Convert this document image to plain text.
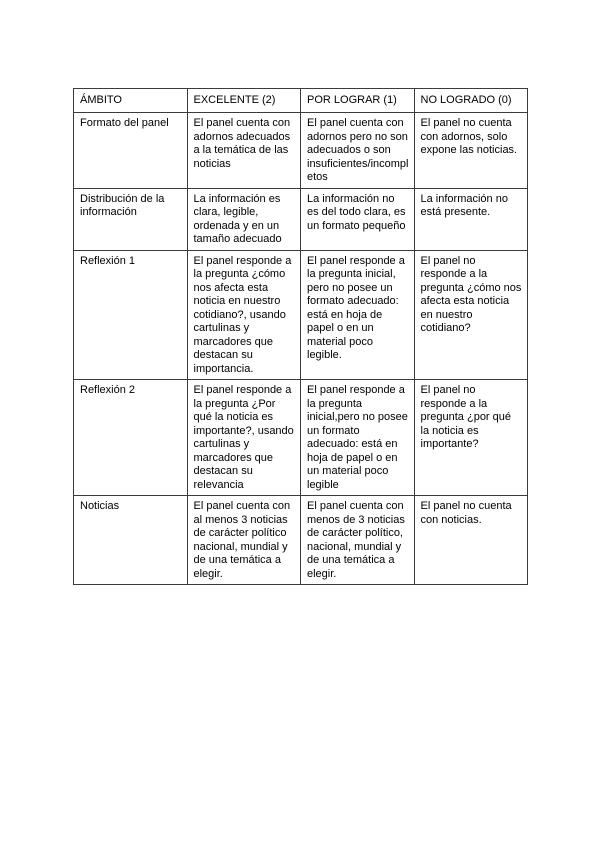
ÁMBITO	EXCELENTE (2)	POR LOGRAR (1)	NO LOGRADO (0)
Formato del panel	El panel cuenta con adornos adecuados a la temática de las noticias	El panel cuenta con adornos pero no son adecuados o son insuficientes/incompletos	El panel no cuenta con adornos, solo expone las noticias.
Distribución de la información	La información es clara, legible, ordenada y en un tamaño adecuado	La información no es del todo clara, es un formato pequeño	La información no está presente.
Reflexión 1	El panel responde a la pregunta ¿cómo nos afecta esta noticia en nuestro cotidiano?, usando cartulinas y marcadores que destacan su importancia.	El panel responde a la pregunta inicial, pero no posee un formato adecuado: está en hoja de papel o en un material poco legible.	El panel no responde a la pregunta ¿cómo nos afecta esta noticia en nuestro cotidiano?
Reflexión 2	El panel responde a la pregunta ¿Por qué la noticia es importante?, usando cartulinas y marcadores que destacan su relevancia	El panel responde a la pregunta inicial,pero no posee un formato adecuado: está en hoja de papel o en un material poco legible	El panel no responde a la pregunta ¿por qué la noticia es importante?
Noticias	El panel cuenta con al menos 3 noticias de carácter político nacional, mundial y de una temática a elegir.	El panel cuenta con menos de 3 noticias de carácter político, nacional, mundial y de una temática a elegir.	El panel no cuenta con noticias.
